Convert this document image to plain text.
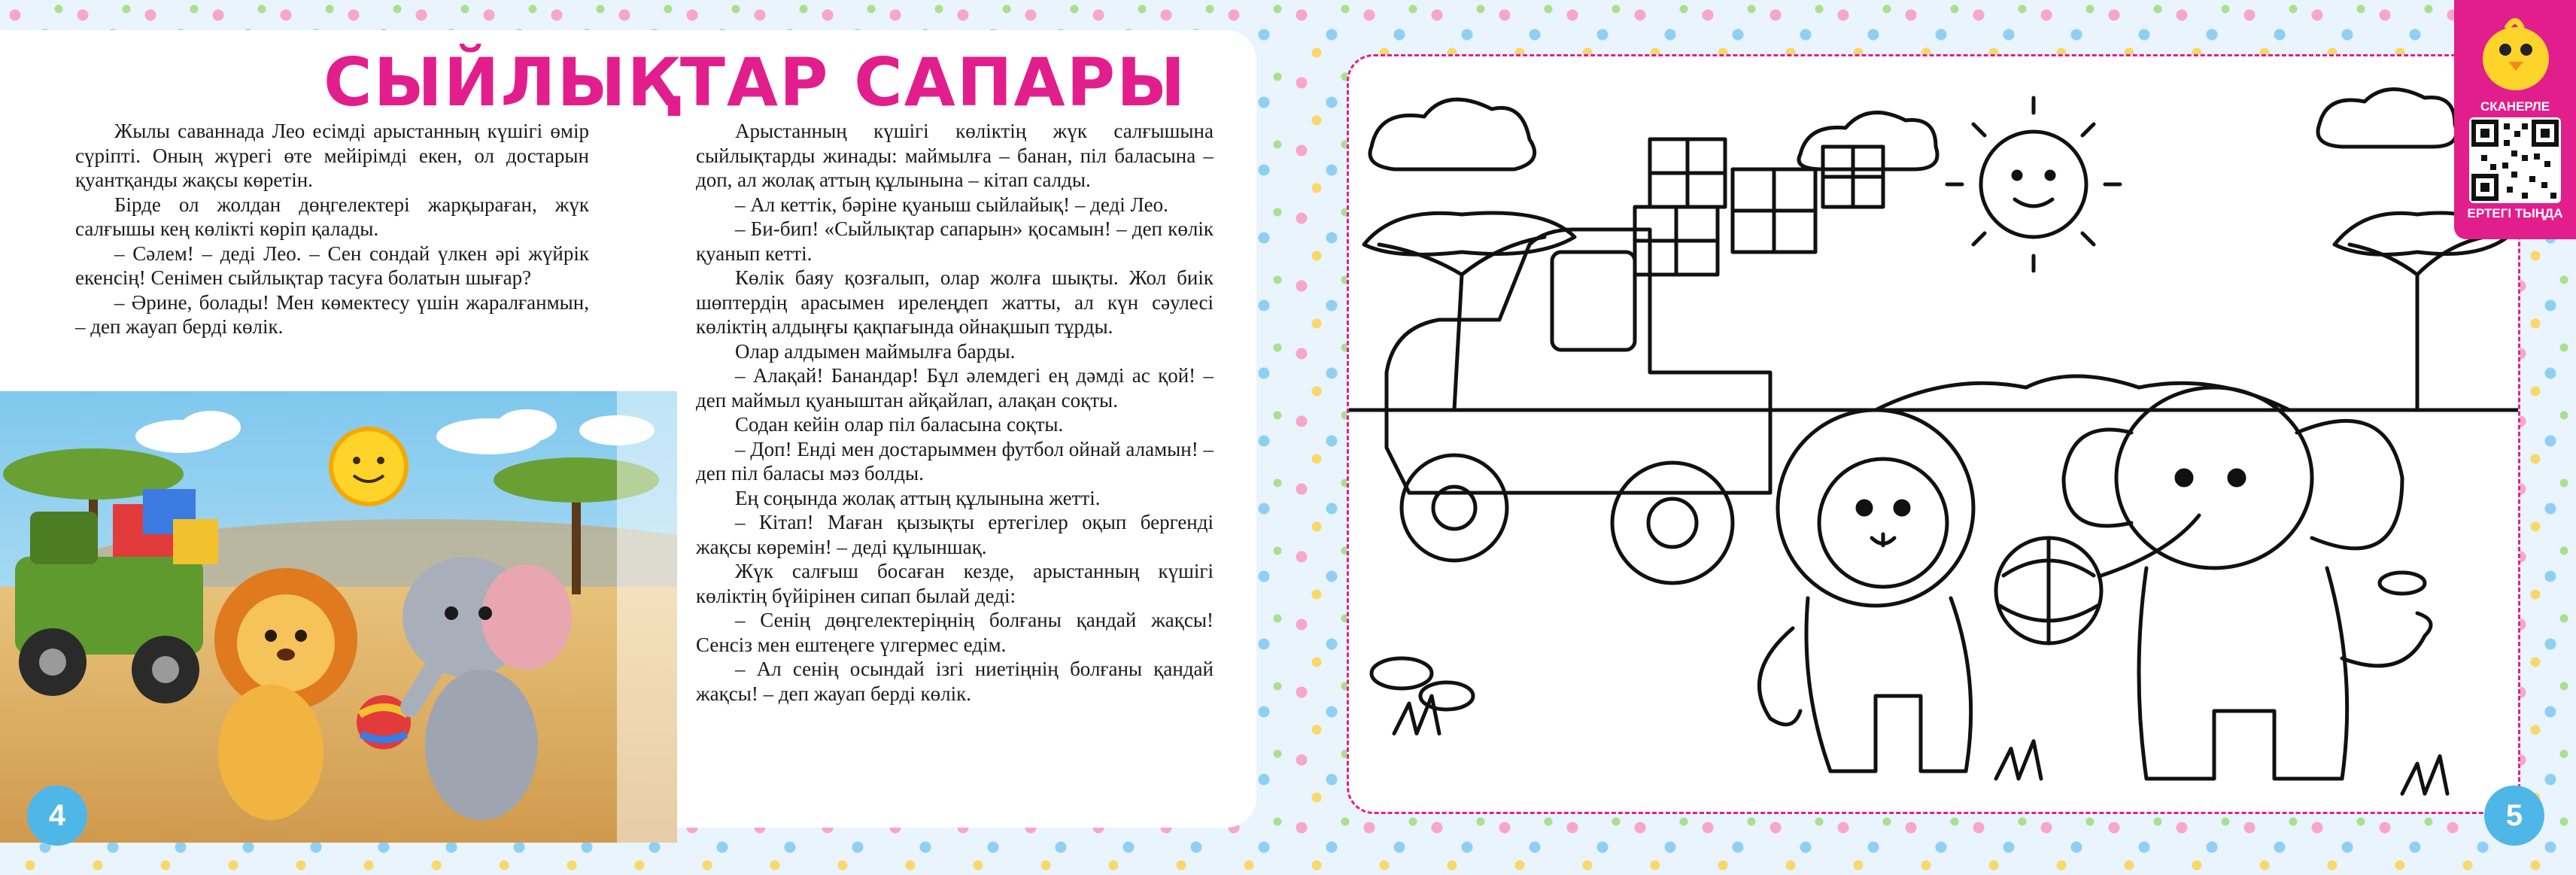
СЫЙЛЫҚТАР САПАРЫ

Жылы саваннада Лео есімді арыстанның күшігі өмір сүріпті. Оның жүрегі өте мейірімді екен, ол достарын қуантқанды жақсы көретін.

Бірде ол жолдан дөңгелектері жарқыраған, жүк салғышы кең көлікті көріп қалады.

– Сәлем! – деді Лео. – Сен сондай үлкен әрі жүйрік екенсің! Сенімен сыйлықтар тасуға болатын шығар?

– Әрине, болады! Мен көмектесу үшін жаралғанмын, – деп жауап берді көлік.

Арыстанның күшігі көліктің жүк салғышына сыйлықтарды жинады: маймылға – банан, піл баласына – доп, ал жолақ аттың құлынына – кітап салды.

– Ал кеттік, бәріне қуаныш сыйлайық! – деді Лео.

– Би-бип! «Сыйлықтар сапарын» қосамын! – деп көлік қуанып кетті.

Көлік баяу қозғалып, олар жолға шықты. Жол биік шөптердің арасымен ирелеңдеп жатты, ал күн сәулесі көліктің алдыңғы қақпағында ойнақшып тұрды.

Олар алдымен маймылға барды.

– Алақай! Банандар! Бұл әлемдегі ең дәмді ас қой! – деп маймыл қуаныштан айқайлап, алақан соқты.

Содан кейін олар піл баласына соқты.

– Доп! Енді мен достарыммен футбол ойнай аламын! – деп піл баласы мәз болды.

Ең соңында жолақ аттың құлынына жетті.

– Кітап! Маған қызықты ертегілер оқып бергенді жақсы көремін! – деді құлыншақ.

Жүк салғыш босаған кезде, арыстанның күшігі көліктің бүйірінен сипап былай деді:

– Сенің дөңгелектеріңнің болғаны қандай жақсы! Сенсіз мен ештеңеге үлгермес едім.

– Ал сенің осындай ізгі ниетіңнің болғаны қандай жақсы! – деп жауап берді көлік.

СКАНЕРЛЕ
ЕРТЕГІ ТЫҢДА
4	5
